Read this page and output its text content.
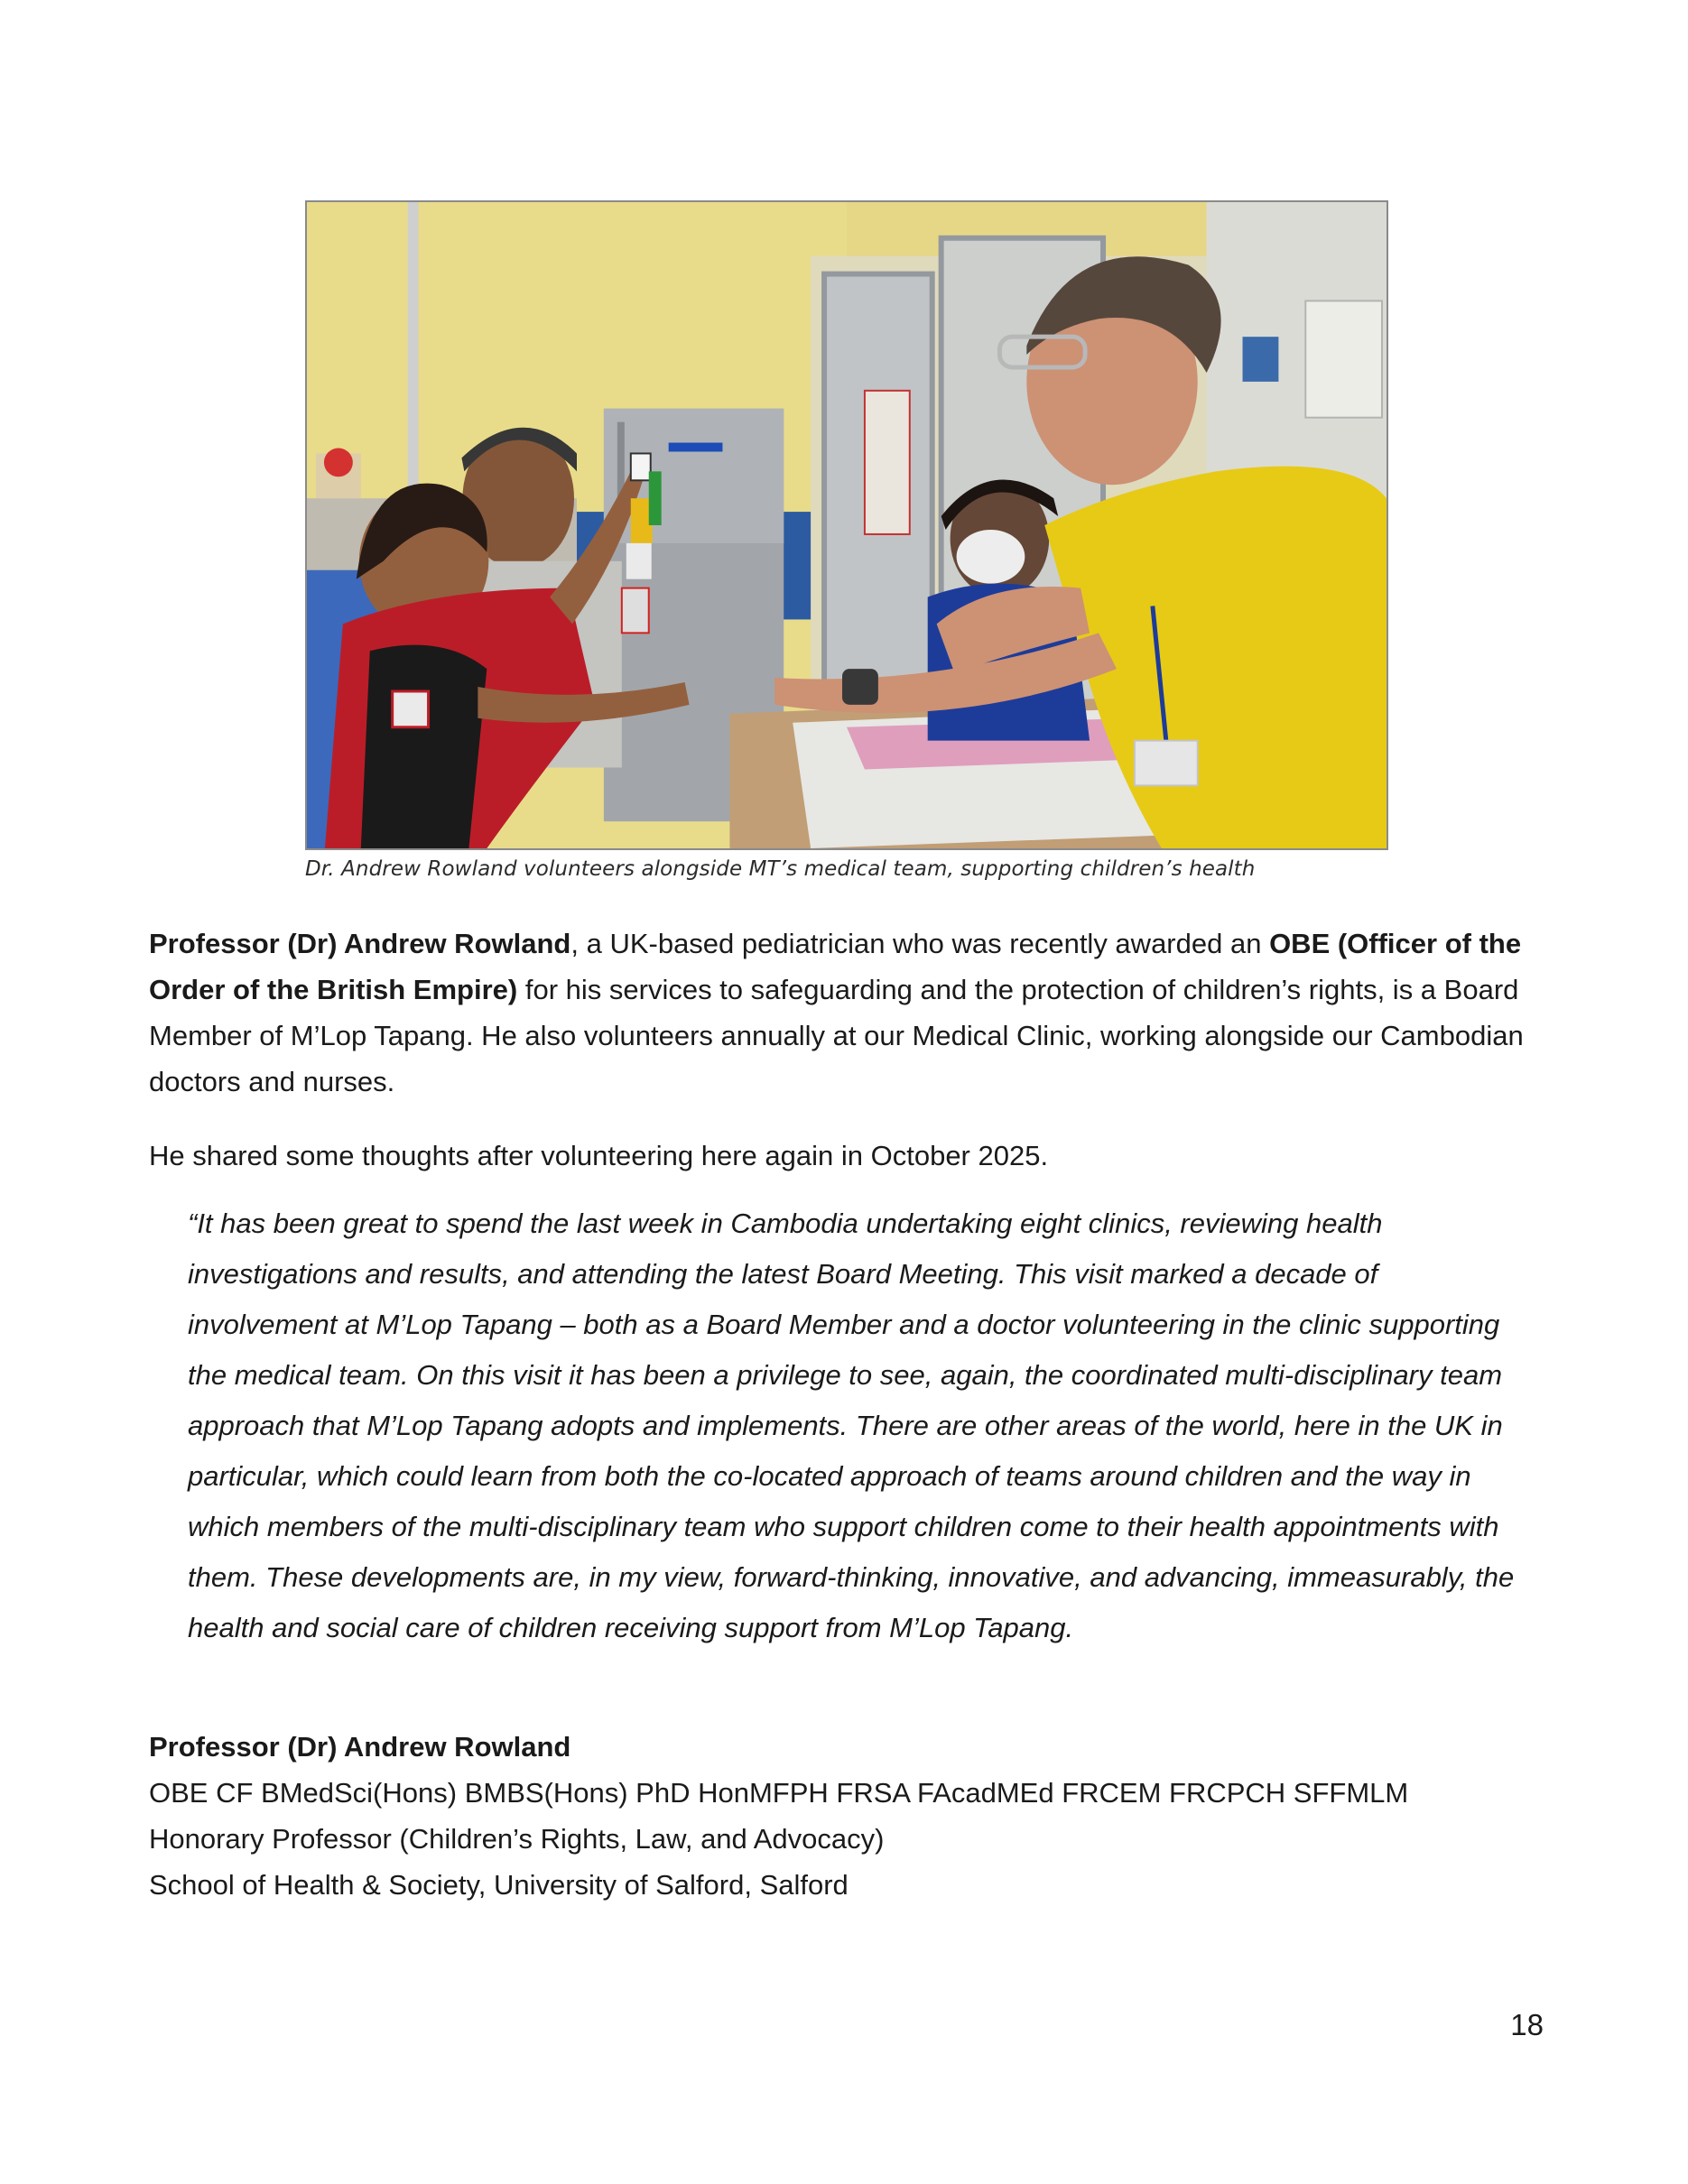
Dr. Andrew Rowland volunteers alongside MT’s medical team, supporting children’s health
Professor (Dr) Andrew Rowland, a UK-based pediatrician who was recently awarded an OBE (Officer of the Order of the British Empire) for his services to safeguarding and the protection of children’s rights, is a Board Member of M’Lop Tapang. He also volunteers annually at our Medical Clinic, working alongside our Cambodian doctors and nurses.
He shared some thoughts after volunteering here again in October 2025.
“It has been great to spend the last week in Cambodia undertaking eight clinics, reviewing health investigations and results, and attending the latest Board Meeting. This visit marked a decade of involvement at M’Lop Tapang – both as a Board Member and a doctor volunteering in the clinic supporting the medical team. On this visit it has been a privilege to see, again, the coordinated multi-disciplinary team approach that M’Lop Tapang adopts and implements. There are other areas of the world, here in the UK in particular, which could learn from both the co-located approach of teams around children and the way in which members of the multi-disciplinary team who support children come to their health appointments with them. These developments are, in my view, forward-thinking, innovative, and advancing, immeasurably, the health and social care of children receiving support from M’Lop Tapang.
Professor (Dr) Andrew Rowland
OBE CF BMedSci(Hons) BMBS(Hons) PhD HonMFPH FRSA FAcadMEd FRCEM FRCPCH SFFMLM
Honorary Professor (Children’s Rights, Law, and Advocacy)
School of Health & Society, University of Salford, Salford
18
